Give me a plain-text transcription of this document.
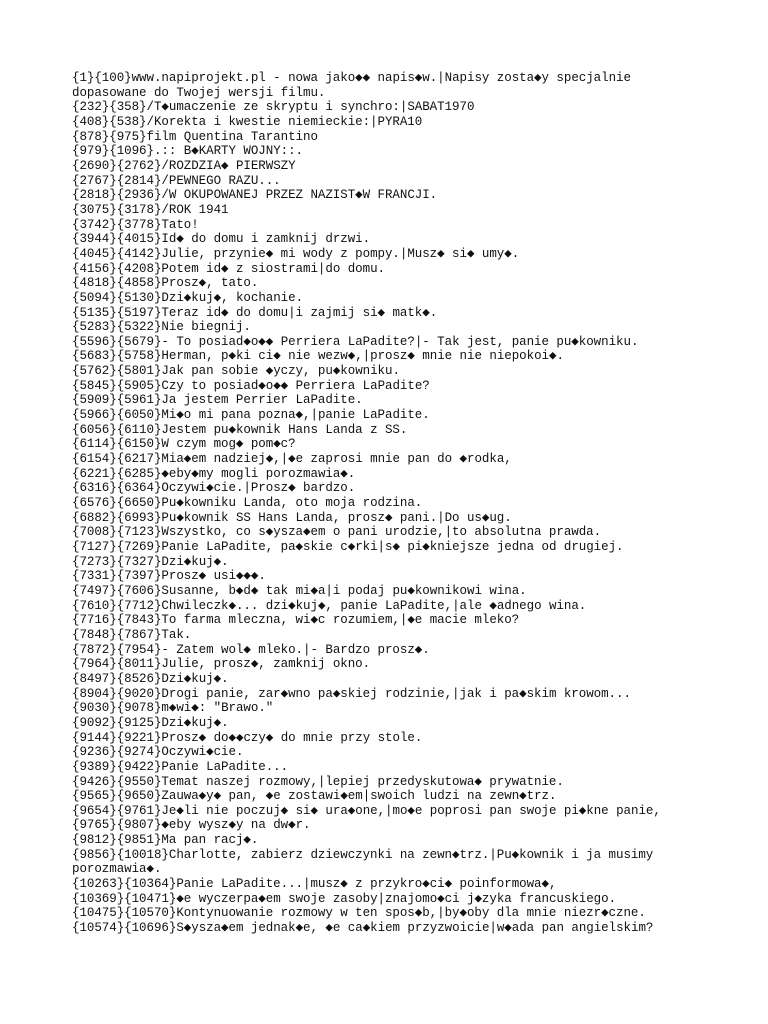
{1}{100}www.napiprojekt.pl - nowa jako◆◆ napis◆w.|Napisy zosta◆y specjalnie
dopasowane do Twojej wersji filmu.
{232}{358}/T◆umaczenie ze skryptu i synchro:|SABAT1970
{408}{538}/Korekta i kwestie niemieckie:|PYRA10
{878}{975}film Quentina Tarantino
{979}{1096}.:: B◆KARTY WOJNY::.
{2690}{2762}/ROZDZIA◆ PIERWSZY
{2767}{2814}/PEWNEGO RAZU...
{2818}{2936}/W OKUPOWANEJ PRZEZ NAZIST◆W FRANCJI.
{3075}{3178}/ROK 1941
{3742}{3778}Tato!
{3944}{4015}Id◆ do domu i zamknij drzwi.
{4045}{4142}Julie, przynie◆ mi wody z pompy.|Musz◆ si◆ umy◆.
{4156}{4208}Potem id◆ z siostrami|do domu.
{4818}{4858}Prosz◆, tato.
{5094}{5130}Dzi◆kuj◆, kochanie.
{5135}{5197}Teraz id◆ do domu|i zajmij si◆ matk◆.
{5283}{5322}Nie biegnij.
{5596}{5679}- To posiad◆o◆◆ Perriera LaPadite?|- Tak jest, panie pu◆kowniku.
{5683}{5758}Herman, p◆ki ci◆ nie wezw◆,|prosz◆ mnie nie niepokoi◆.
{5762}{5801}Jak pan sobie ◆yczy, pu◆kowniku.
{5845}{5905}Czy to posiad◆o◆◆ Perriera LaPadite?
{5909}{5961}Ja jestem Perrier LaPadite.
{5966}{6050}Mi◆o mi pana pozna◆,|panie LaPadite.
{6056}{6110}Jestem pu◆kownik Hans Landa z SS.
{6114}{6150}W czym mog◆ pom◆c?
{6154}{6217}Mia◆em nadziej◆,|◆e zaprosi mnie pan do ◆rodka,
{6221}{6285}◆eby◆my mogli porozmawia◆.
{6316}{6364}Oczywi◆cie.|Prosz◆ bardzo.
{6576}{6650}Pu◆kowniku Landa, oto moja rodzina.
{6882}{6993}Pu◆kownik SS Hans Landa, prosz◆ pani.|Do us◆ug.
{7008}{7123}Wszystko, co s◆ysza◆em o pani urodzie,|to absolutna prawda.
{7127}{7269}Panie LaPadite, pa◆skie c◆rki|s◆ pi◆kniejsze jedna od drugiej.
{7273}{7327}Dzi◆kuj◆.
{7331}{7397}Prosz◆ usi◆◆◆.
{7497}{7606}Susanne, b◆d◆ tak mi◆a|i podaj pu◆kownikowi wina.
{7610}{7712}Chwileczk◆... dzi◆kuj◆, panie LaPadite,|ale ◆adnego wina.
{7716}{7843}To farma mleczna, wi◆c rozumiem,|◆e macie mleko?
{7848}{7867}Tak.
{7872}{7954}- Zatem wol◆ mleko.|- Bardzo prosz◆.
{7964}{8011}Julie, prosz◆, zamknij okno.
{8497}{8526}Dzi◆kuj◆.
{8904}{9020}Drogi panie, zar◆wno pa◆skiej rodzinie,|jak i pa◆skim krowom...
{9030}{9078}m◆wi◆: "Brawo."
{9092}{9125}Dzi◆kuj◆.
{9144}{9221}Prosz◆ do◆◆czy◆ do mnie przy stole.
{9236}{9274}Oczywi◆cie.
{9389}{9422}Panie LaPadite...
{9426}{9550}Temat naszej rozmowy,|lepiej przedyskutowa◆ prywatnie.
{9565}{9650}Zauwa◆y◆ pan, ◆e zostawi◆em|swoich ludzi na zewn◆trz.
{9654}{9761}Je◆li nie poczuj◆ si◆ ura◆one,|mo◆e poprosi pan swoje pi◆kne panie,
{9765}{9807}◆eby wysz◆y na dw◆r.
{9812}{9851}Ma pan racj◆.
{9856}{10018}Charlotte, zabierz dziewczynki na zewn◆trz.|Pu◆kownik i ja musimy
porozmawia◆.
{10263}{10364}Panie LaPadite...|musz◆ z przykro◆ci◆ poinformowa◆,
{10369}{10471}◆e wyczerpa◆em swoje zasoby|znajomo◆ci j◆zyka francuskiego.
{10475}{10570}Kontynuowanie rozmowy w ten spos◆b,|by◆oby dla mnie niezr◆czne.
{10574}{10696}S◆ysza◆em jednak◆e, ◆e ca◆kiem przyzwoicie|w◆ada pan angielskim?
